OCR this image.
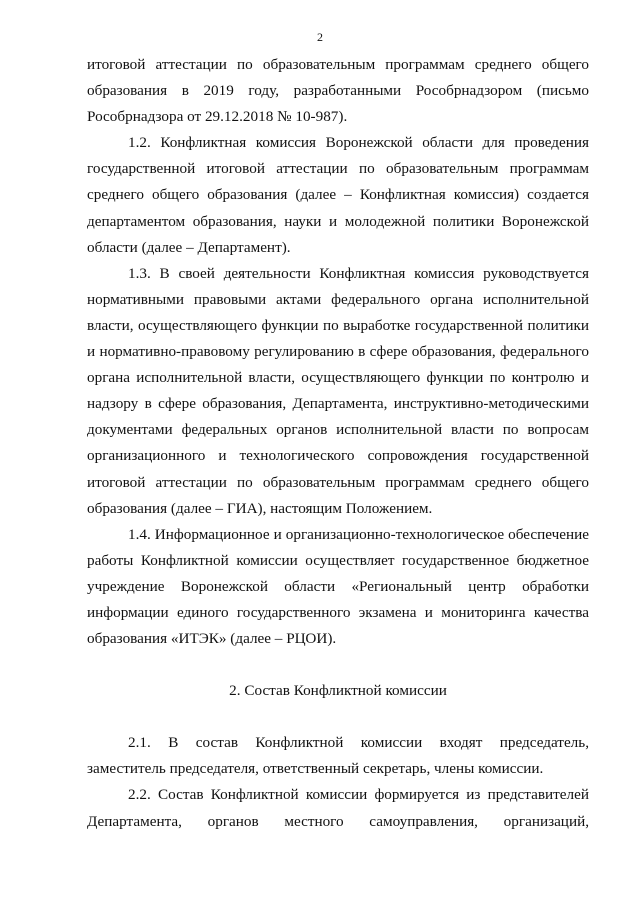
2

итоговой аттестации по образовательным программам среднего общего образования в 2019 году, разработанными Рособрнадзором (письмо Рособрнадзора от 29.12.2018 № 10-987).

1.2. Конфликтная комиссия Воронежской области для проведения государственной итоговой аттестации по образовательным программам среднего общего образования (далее – Конфликтная комиссия) создается департаментом образования, науки и молодежной политики Воронежской области (далее – Департамент).

1.3. В своей деятельности Конфликтная комиссия руководствуется нормативными правовыми актами федерального органа исполнительной власти, осуществляющего функции по выработке государственной политики и нормативно-правовому регулированию в сфере образования, федерального органа исполнительной власти, осуществляющего функции по контролю и надзору в сфере образования, Департамента, инструктивно-методическими документами федеральных органов исполнительной власти по вопросам организационного и технологического сопровождения государственной итоговой аттестации по образовательным программам среднего общего образования (далее – ГИА), настоящим Положением.

1.4. Информационное и организационно-технологическое обеспечение работы Конфликтной комиссии осуществляет государственное бюджетное учреждение Воронежской области «Региональный центр обработки информации единого государственного экзамена и мониторинга качества образования «ИТЭК» (далее – РЦОИ).

2. Состав Конфликтной комиссии

2.1. В состав Конфликтной комиссии входят председатель, заместитель председателя, ответственный секретарь, члены комиссии.

2.2. Состав Конфликтной комиссии формируется из представителей Департамента, органов местного самоуправления, организаций,
